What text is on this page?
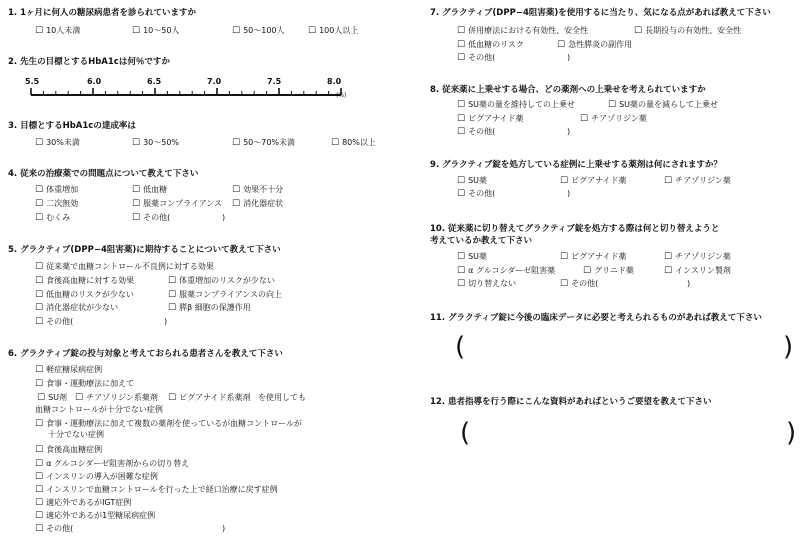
1. 1ヶ月に何人の糖尿病患者を診られていますか
☐ 10人未満	☐ 10〜50人	☐ 50〜100人	☐ 100人以上
2. 先生の目標とするHbA1cは何％ですか
5.5	6.0	6.5	7.0	7.5	8.0
(%)
3. 目標とするHbA1cの達成率は
☐ 30%未満	☐ 30〜50%	☐ 50〜70%未満	☐ 80%以上
4. 従来の治療薬での問題点について教えて下さい
☐ 体重増加	☐ 低血糖	☐ 効果不十分
☐ 二次無効	☐ 服薬コンプライアンス	☐ 消化器症状
☐ むくみ	☐ その他(	)
5. グラクティブ(DPP−4阻害薬)に期待することについて教えて下さい
☐ 従来薬で血糖コントロール不良例に対する効果
☐ 食後高血糖に対する効果	☐ 体重増加のリスクが少ない
☐ 低血糖のリスクが少ない	☐ 服薬コンプライアンスの向上
☐ 消化器症状が少ない	☐ 膵β 細胞の保護作用
☐ その他(	)
6. グラクティブ錠の投与対象と考えておられる患者さんを教えて下さい
☐ 軽症糖尿病症例
☐ 食事・運動療法に加えて
☐ SU剤	☐ チアゾリジン系薬剤	☐ ビグアナイド系薬剤 を使用しても
血糖コントロールが十分でない症例
☐ 食事・運動療法に加えて複数の薬剤を使っているが血糖コントロールが
十分でない症例
☐ 食後高血糖症例
☐ α グルコシダーゼ阻害剤からの切り替え
☐ インスリンの導入が困難な症例
☐ インスリンで血糖コントロールを行った上で経口治療に戻す症例
☐ 適応外であるがIGT症例
☐ 適応外であるが1型糖尿病症例
☐ その他(	)
7. グラクティブ(DPP−4阻害薬)を使用するに当たり、気になる点があれば教えて下さい
☐ 併用療法における有効性、安全性	☐ 長期投与の有効性、安全性
☐ 低血糖のリスク	☐ 急性膵炎の副作用
☐ その他(	)
8. 従来薬に上乗せする場合、どの薬剤への上乗せを考えられていますか
☐ SU薬の量を維持しての上乗せ	☐ SU薬の量を減らして上乗せ
☐ ビグアナイド薬	☐ チアゾリジン薬
☐ その他(	)
9. グラクティブ錠を処方している症例に上乗せする薬剤は何にされますか？
☐ SU薬	☐ ビグアナイド薬	☐ チアゾリジン薬
☐ その他(	)
10. 従来薬に切り替えてグラクティブ錠を処方する際は何と切り替えようと
考えているか教えて下さい
☐ SU薬	☐ ビグアナイド薬	☐ チアゾリジン薬
☐ α グルコシダーゼ阻害薬	☐ グリニド薬	☐ インスリン製剤
☐ 切り替えない	☐ その他(	)
11. グラクティブ錠に今後の臨床データに必要と考えられるものがあれば教えて下さい
(	)
12. 患者指導を行う際にこんな資料があればというご要望を教えて下さい
(	)
